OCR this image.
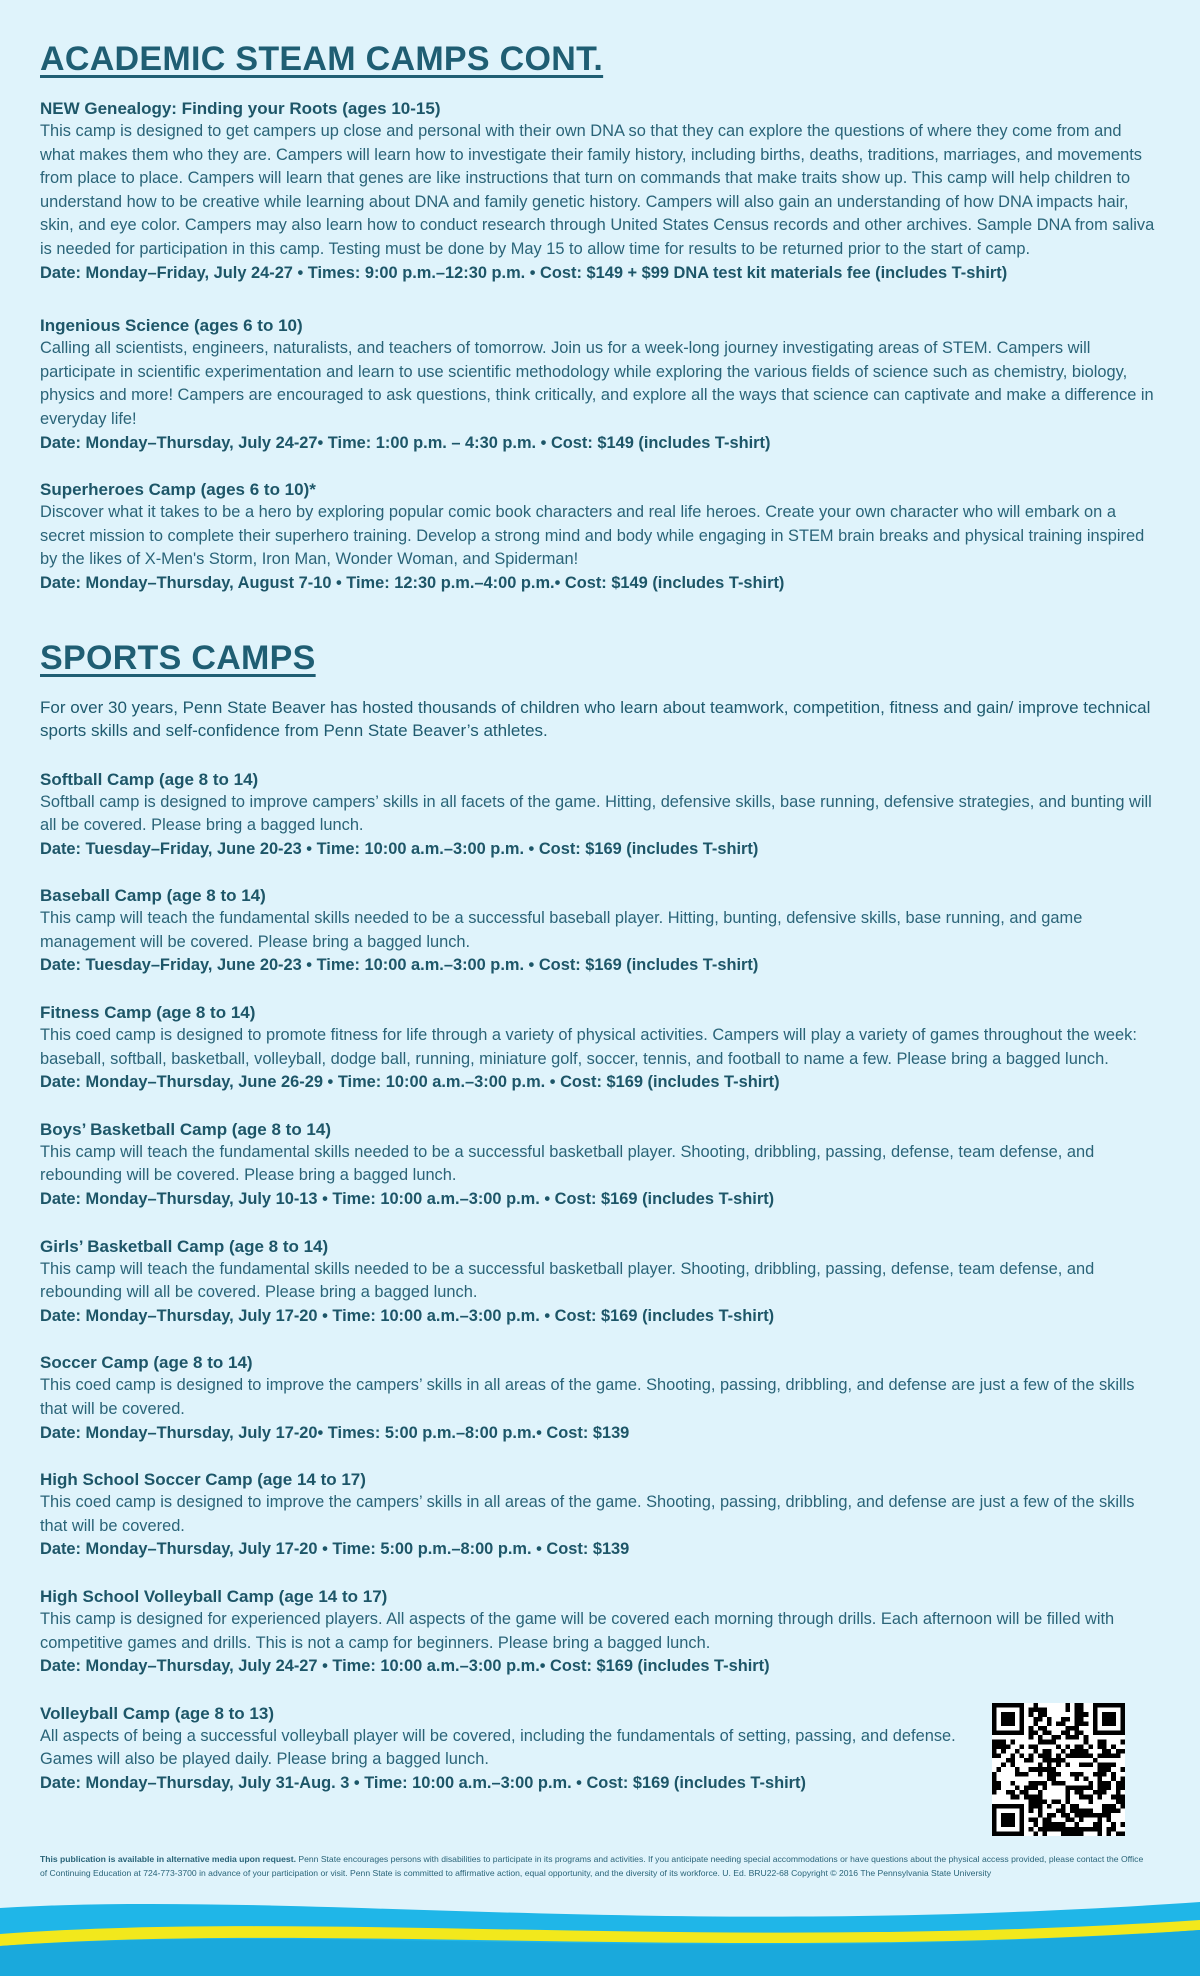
ACADEMIC STEAM CAMPS CONT.
NEW Genealogy: Finding your Roots (ages 10-15)
This camp is designed to get campers up close and personal with their own DNA so that they can explore the questions of where they come from and what makes them who they are. Campers will learn how to investigate their family history, including births, deaths, traditions, marriages, and movements from place to place. Campers will learn that genes are like instructions that turn on commands that make traits show up. This camp will help children to understand how to be creative while learning about DNA and family genetic history. Campers will also gain an understanding of how DNA impacts hair, skin, and eye color. Campers may also learn how to conduct research through United States Census records and other archives. Sample DNA from saliva is needed for participation in this camp. Testing must be done by May 15 to allow time for results to be returned prior to the start of camp.
Date: Monday–Friday, July 24-27 • Times: 9:00 p.m.–12:30 p.m. • Cost: $149 + $99 DNA test kit materials fee (includes T-shirt)
Ingenious Science (ages 6 to 10)
Calling all scientists, engineers, naturalists, and teachers of tomorrow. Join us for a week-long journey investigating areas of STEM. Campers will participate in scientific experimentation and learn to use scientific methodology while exploring the various fields of science such as chemistry, biology, physics and more! Campers are encouraged to ask questions, think critically, and explore all the ways that science can captivate and make a difference in everyday life!
Date: Monday–Thursday, July 24-27• Time: 1:00 p.m. – 4:30 p.m. • Cost: $149 (includes T-shirt)
Superheroes Camp (ages 6 to 10)*
Discover what it takes to be a hero by exploring popular comic book characters and real life heroes. Create your own character who will embark on a secret mission to complete their superhero training. Develop a strong mind and body while engaging in STEM brain breaks and physical training inspired by the likes of X-Men's Storm, Iron Man, Wonder Woman, and Spiderman!
Date: Monday–Thursday, August 7-10 • Time: 12:30 p.m.–4:00 p.m.• Cost: $149 (includes T-shirt)
SPORTS CAMPS

For over 30 years, Penn State Beaver has hosted thousands of children who learn about teamwork, competition, fitness and gain/ improve technical sports skills and self-confidence from Penn State Beaver’s athletes.

Softball Camp (age 8 to 14)
Softball camp is designed to improve campers’ skills in all facets of the game. Hitting, defensive skills, base running, defensive strategies, and bunting will all be covered. Please bring a bagged lunch.
Date: Tuesday–Friday, June 20-23 • Time: 10:00 a.m.–3:00 p.m. • Cost: $169 (includes T-shirt)
Baseball Camp (age 8 to 14)
This camp will teach the fundamental skills needed to be a successful baseball player. Hitting, bunting, defensive skills, base running, and game management will be covered. Please bring a bagged lunch.
Date: Tuesday–Friday, June 20-23 • Time: 10:00 a.m.–3:00 p.m. • Cost: $169 (includes T-shirt)
Fitness Camp (age 8 to 14)
This coed camp is designed to promote fitness for life through a variety of physical activities. Campers will play a variety of games throughout the week: baseball, softball, basketball, volleyball, dodge ball, running, miniature golf, soccer, tennis, and football to name a few. Please bring a bagged lunch.
Date: Monday–Thursday, June 26-29 • Time: 10:00 a.m.–3:00 p.m. • Cost: $169 (includes T-shirt)
Boys’ Basketball Camp (age 8 to 14)
This camp will teach the fundamental skills needed to be a successful basketball player. Shooting, dribbling, passing, defense, team defense, and rebounding will be covered. Please bring a bagged lunch.
Date: Monday–Thursday, July 10-13 • Time: 10:00 a.m.–3:00 p.m. • Cost: $169 (includes T-shirt)
Girls’ Basketball Camp (age 8 to 14)
This camp will teach the fundamental skills needed to be a successful basketball player. Shooting, dribbling, passing, defense, team defense, and rebounding will all be covered. Please bring a bagged lunch.
Date: Monday–Thursday, July 17-20 • Time: 10:00 a.m.–3:00 p.m. • Cost: $169 (includes T-shirt)
Soccer Camp (age 8 to 14)
This coed camp is designed to improve the campers’ skills in all areas of the game. Shooting, passing, dribbling, and defense are just a few of the skills that will be covered.
Date: Monday–Thursday, July 17-20• Times: 5:00 p.m.–8:00 p.m.• Cost: $139
High School Soccer Camp (age 14 to 17)
This coed camp is designed to improve the campers’ skills in all areas of the game. Shooting, passing, dribbling, and defense are just a few of the skills that will be covered.
Date: Monday–Thursday, July 17-20 • Time: 5:00 p.m.–8:00 p.m. • Cost: $139
High School Volleyball Camp (age 14 to 17)
This camp is designed for experienced players. All aspects of the game will be covered each morning through drills. Each afternoon will be filled with competitive games and drills. This is not a camp for beginners. Please bring a bagged lunch.
Date: Monday–Thursday, July 24-27 • Time: 10:00 a.m.–3:00 p.m.• Cost: $169 (includes T-shirt)
Volleyball Camp (age 8 to 13)
All aspects of being a successful volleyball player will be covered, including the fundamentals of setting, passing, and defense. Games will also be played daily. Please bring a bagged lunch.
Date: Monday–Thursday, July 31-Aug. 3 • Time: 10:00 a.m.–3:00 p.m. • Cost: $169 (includes T-shirt)
This publication is available in alternative media upon request. Penn State encourages persons with disabilities to participate in its programs and activities. If you anticipate needing special accommodations or have questions about the physical access provided, please contact the Office of Continuing Education at 724-773-3700 in advance of your participation or visit. Penn State is committed to affirmative action, equal opportunity, and the diversity of its workforce. U. Ed. BRU22-68 Copyright © 2016 The Pennsylvania State University
